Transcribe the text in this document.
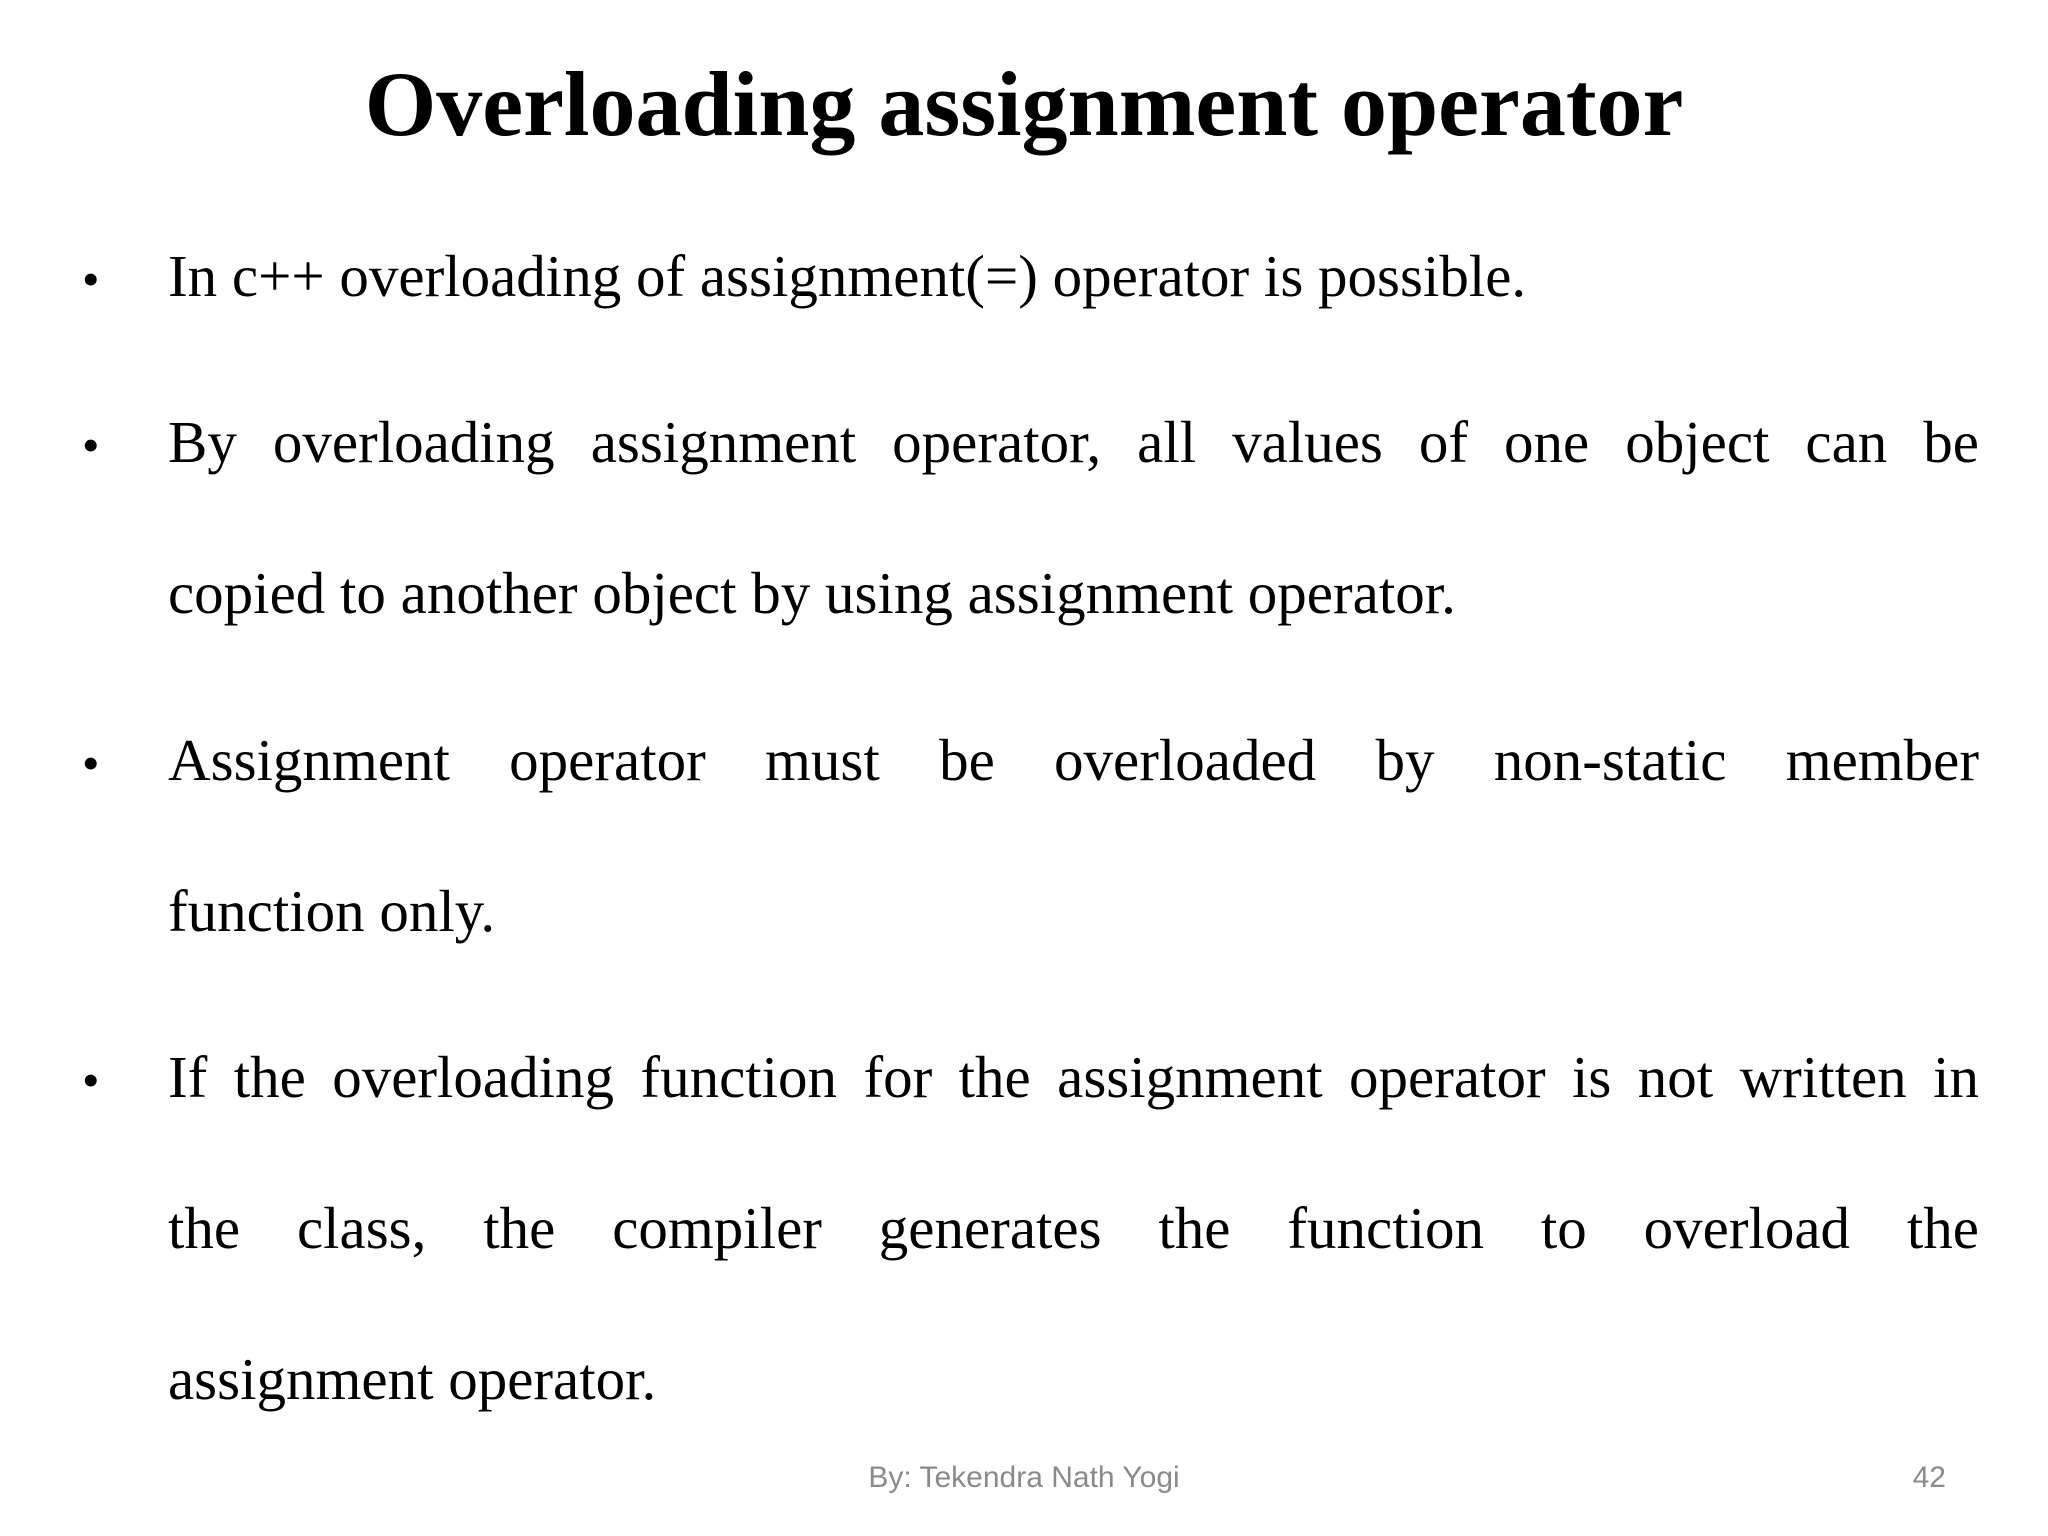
Overloading assignment operator
•	In c++ overloading of assignment(=) operator is possible.
•	By overloading assignment operator, all values of one object can be
copied to another object by using assignment operator.
•	Assignment operator must be overloaded by non-static member
function only.
•	If the overloading function for the assignment operator is not written in
the class, the compiler generates the function to overload the
assignment operator.
By: Tekendra Nath Yogi	42
